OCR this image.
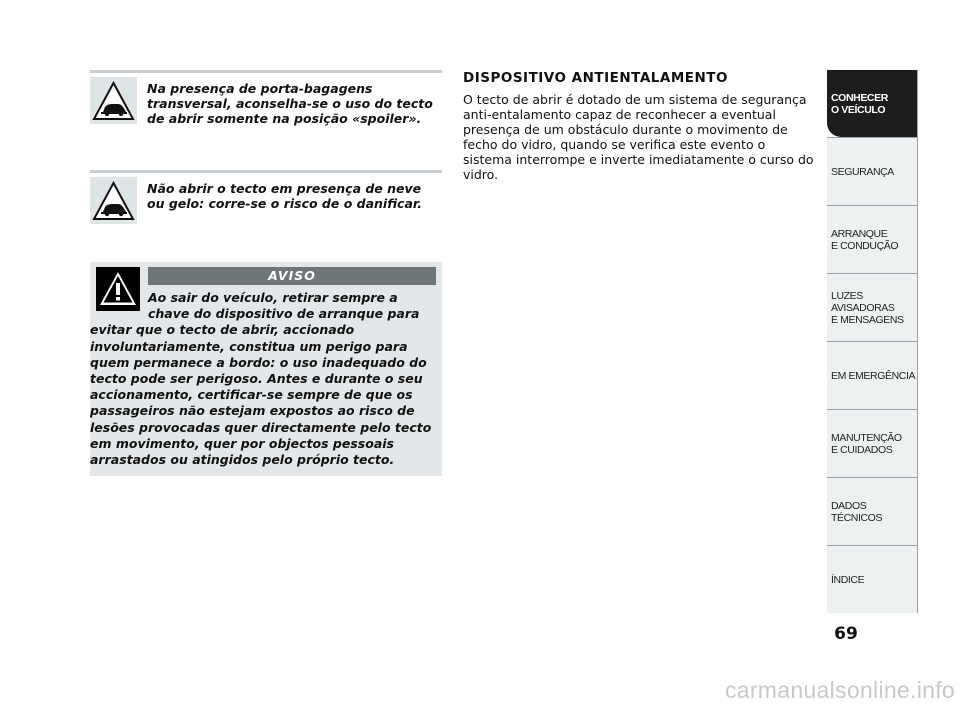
Na presença de porta-bagagens transversal, aconselha-se o uso do tecto de abrir somente na posição «spoiler».
Não abrir o tecto em presença de neve ou gelo: corre-se o risco de o danificar.
AVISO
Ao sair do veículo, retirar sempre a chave do dispositivo de arranque para evitar que o tecto de abrir, accionado involuntariamente, constitua um perigo para quem permanece a bordo: o uso inadequado do tecto pode ser perigoso. Antes e durante o seu accionamento, certificar-se sempre de que os passageiros não estejam expostos ao risco de lesões provocadas quer directamente pelo tecto em movimento, quer por objectos pessoais arrastados ou atingidos pelo próprio tecto.
DISPOSITIVO ANTIENTALAMENTO

O tecto de abrir é dotado de um sistema de segurança anti-entalamento capaz de reconhecer a eventual presença de um obstáculo durante o movimento de fecho do vidro, quando se verifica este evento o sistema interrompe e inverte imediatamente o curso do vidro.

CONHECER
O VEÍCULO
SEGURANÇA
ARRANQUE
E CONDUÇÃO
LUZES
AVISADORAS
E MENSAGENS
EM EMERGÊNCIA
MANUTENÇÃO
E CUIDADOS
DADOS
TÉCNICOS
ÍNDICE
69
carmanualsonline.info
